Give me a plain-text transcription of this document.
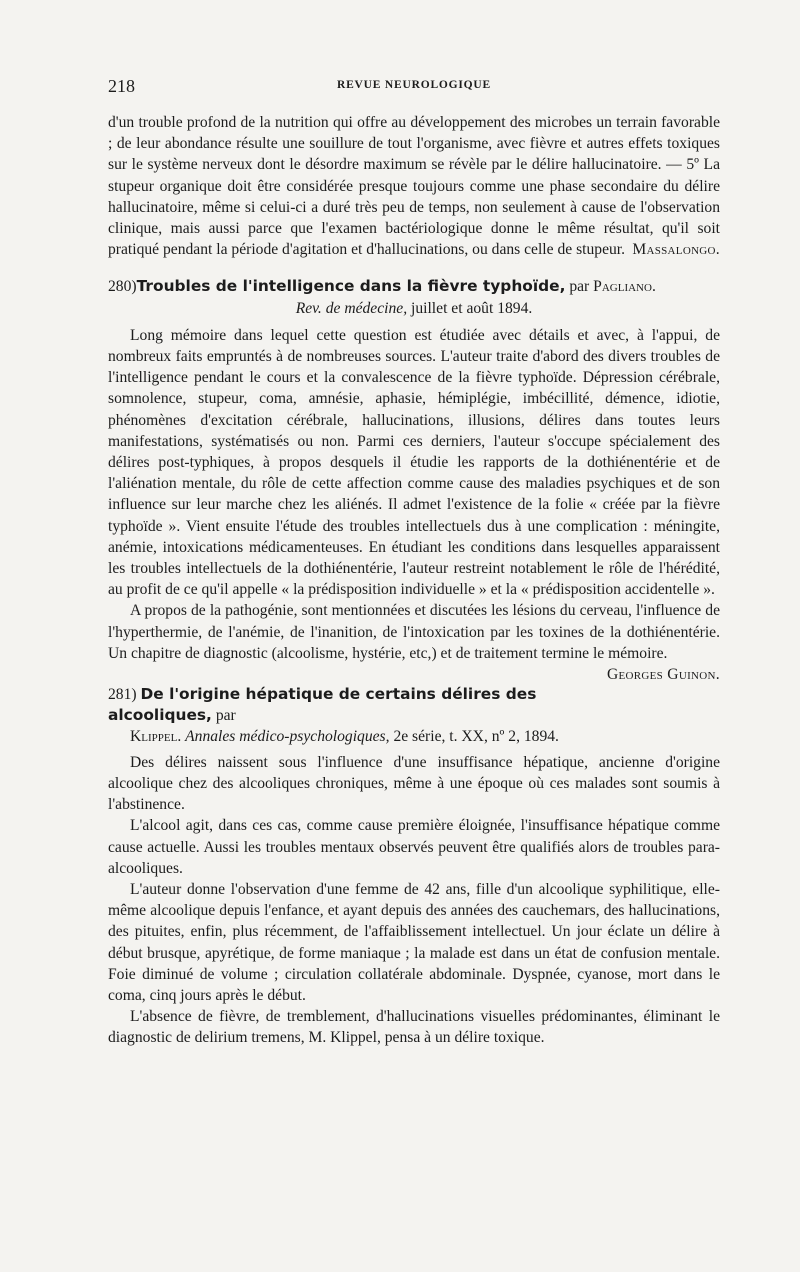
218	REVUE NEUROLOGIQUE

d'un trouble profond de la nutrition qui offre au développement des microbes un terrain favorable ; de leur abondance résulte une souillure de tout l'organisme, avec fièvre et autres effets toxiques sur le système nerveux dont le désordre maximum se révèle par le délire hallucinatoire. — 5º La stupeur organique doit être considérée presque toujours comme une phase secondaire du délire hallucinatoire, même si celui-ci a duré très peu de temps, non seulement à cause de l'observation clinique, mais aussi parce que l'examen bactériologique donne le même résultat, qu'il soit pratiqué pendant la période d'agitation et d'hallucinations, ou dans celle de stupeur. Massalongo.

280)Troubles de l'intelligence dans la fièvre typhoïde, par Pagliano.

Rev. de médecine, juillet et août 1894.

Long mémoire dans lequel cette question est étudiée avec détails et avec, à l'appui, de nombreux faits empruntés à de nombreuses sources. L'auteur traite d'abord des divers troubles de l'intelligence pendant le cours et la convalescence de la fièvre typhoïde. Dépression cérébrale, somnolence, stupeur, coma, amnésie, aphasie, hémiplégie, imbécillité, démence, idiotie, phénomènes d'excitation cérébrale, hallucinations, illusions, délires dans toutes leurs manifestations, systématisés ou non. Parmi ces derniers, l'auteur s'occupe spécialement des délires post-typhiques, à propos desquels il étudie les rapports de la dothiénentérie et de l'aliénation mentale, du rôle de cette affection comme cause des maladies psychiques et de son influence sur leur marche chez les aliénés. Il admet l'existence de la folie « créée par la fièvre typhoïde ». Vient ensuite l'étude des troubles intellectuels dus à une complication : méningite, anémie, intoxications médicamenteuses. En étudiant les conditions dans lesquelles apparaissent les troubles intellectuels de la dothiénentérie, l'auteur restreint notablement le rôle de l'hérédité, au profit de ce qu'il appelle « la prédisposition individuelle » et la « prédisposition accidentelle ».

A propos de la pathogénie, sont mentionnées et discutées les lésions du cerveau, l'influence de l'hyperthermie, de l'anémie, de l'inanition, de l'intoxication par les toxines de la dothiénentérie. Un chapitre de diagnostic (alcoolisme, hystérie, etc,) et de traitement termine le mémoire.
Georges Guinon.

281) De l'origine hépatique de certains délires des alcooliques, par

Klippel. Annales médico-psychologiques, 2e série, t. XX, nº 2, 1894.

Des délires naissent sous l'influence d'une insuffisance hépatique, ancienne d'origine alcoolique chez des alcooliques chroniques, même à une époque où ces malades sont soumis à l'abstinence.

L'alcool agit, dans ces cas, comme cause première éloignée, l'insuffisance hépatique comme cause actuelle. Aussi les troubles mentaux observés peuvent être qualifiés alors de troubles para-alcooliques.

L'auteur donne l'observation d'une femme de 42 ans, fille d'un alcoolique syphilitique, elle-même alcoolique depuis l'enfance, et ayant depuis des années des cauchemars, des hallucinations, des pituites, enfin, plus récemment, de l'affaiblissement intellectuel. Un jour éclate un délire à début brusque, apyrétique, de forme maniaque ; la malade est dans un état de confusion mentale. Foie diminué de volume ; circulation collatérale abdominale. Dyspnée, cyanose, mort dans le coma, cinq jours après le début.

L'absence de fièvre, de tremblement, d'hallucinations visuelles prédominantes, éliminant le diagnostic de delirium tremens, M. Klippel, pensa à un délire toxique.
